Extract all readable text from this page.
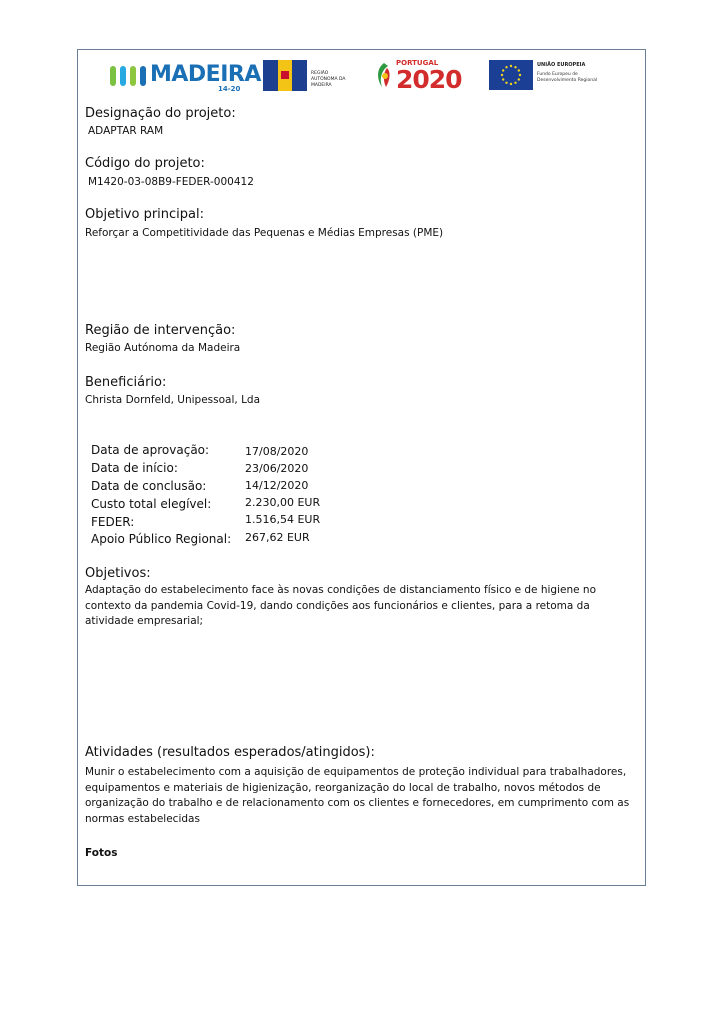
MADEIRA
14-20
REGIÃO AUTÓNOMA DA MADEIRA
PORTUGAL
2020	UNIÃO EUROPEIA
Fundo Europeu de Desenvolvimento Regional
Designação do projeto:
ADAPTAR RAM
Código do projeto:
M1420-03-08B9-FEDER-000412
Objetivo principal:
Reforçar a Competitividade das Pequenas e Médias Empresas (PME)
Região de intervenção:
Região Autónoma da Madeira
Beneficiário:
Christa Dornfeld, Unipessoal, Lda
Data de aprovação:	17/08/2020
Data de início:	23/06/2020
Data de conclusão:	14/12/2020
Custo total elegível:	2.230,00 EUR
FEDER:	1.516,54 EUR
Apoio Público Regional: 267,62 EUR
Objetivos:
Adaptação do estabelecimento face às novas condições de distanciamento físico e de higiene no contexto da pandemia Covid-19, dando condições aos funcionários e clientes, para a retoma da atividade empresarial;
Atividades (resultados esperados/atingidos):
Munir o estabelecimento com a aquisição de equipamentos de proteção individual para trabalhadores, equipamentos e materiais de higienização, reorganização do local de trabalho, novos métodos de organização do trabalho e de relacionamento com os clientes e fornecedores, em cumprimento com as normas estabelecidas
Fotos
